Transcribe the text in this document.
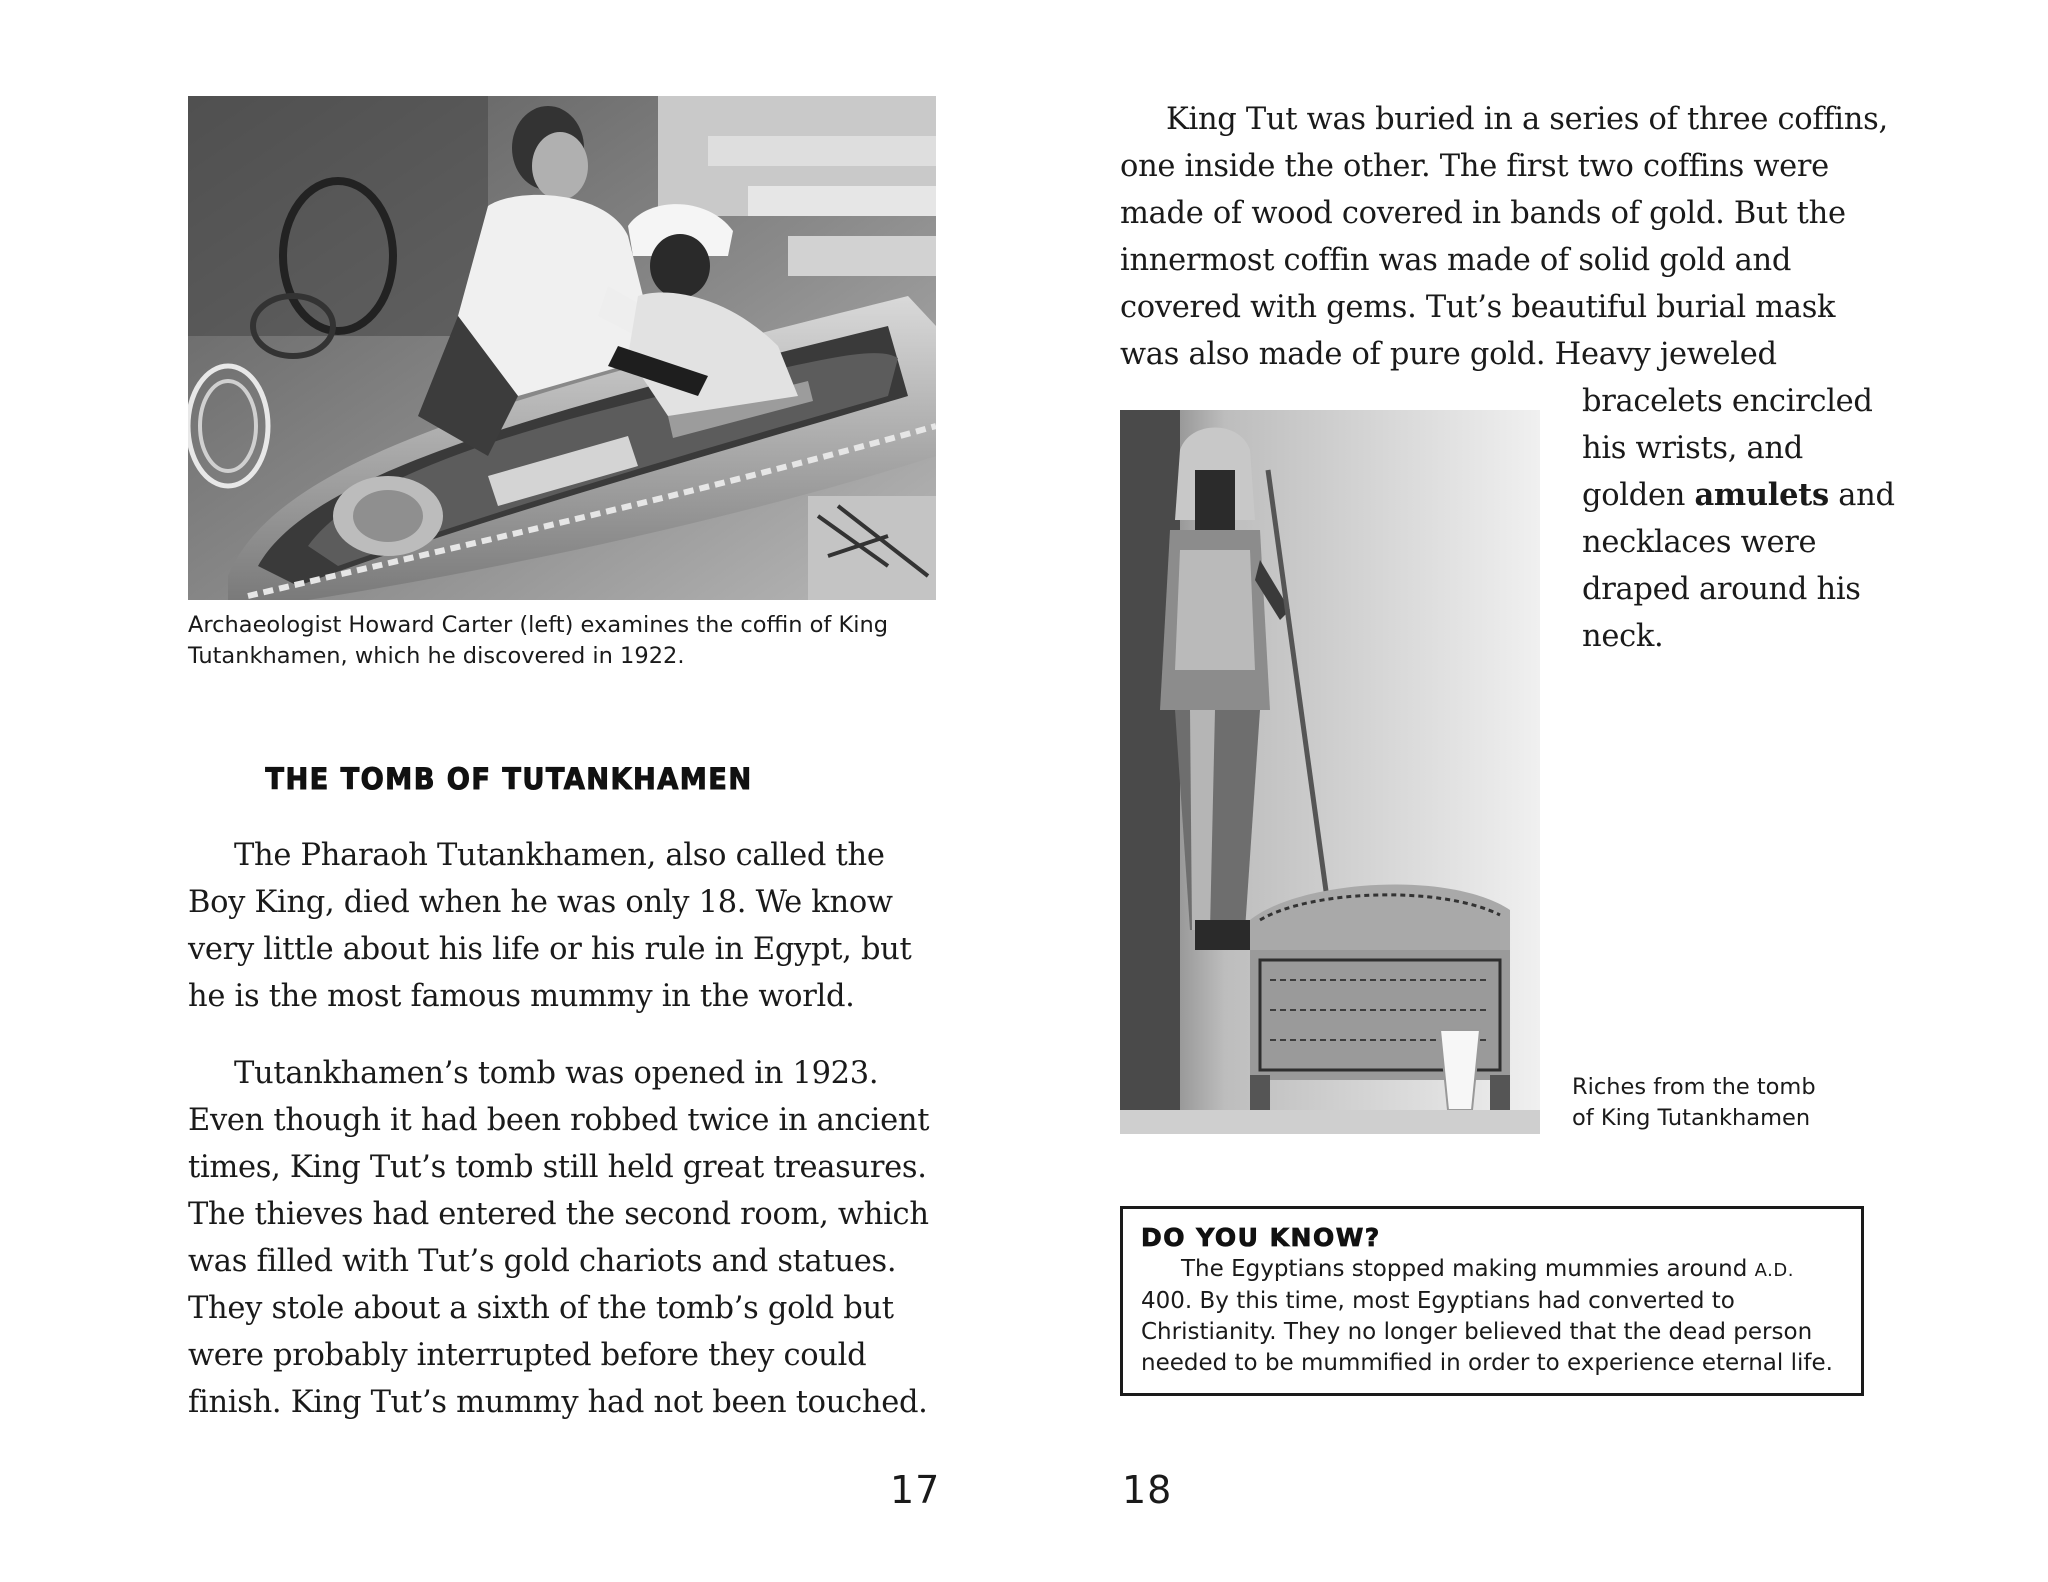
Archaeologist Howard Carter (left) examines the coffin of King Tutankhamen, which he discovered in 1922.

THE TOMB OF TUTANKHAMEN

The Pharaoh Tutankhamen, also called the Boy King, died when he was only 18. We know very little about his life or his rule in Egypt, but he is the most famous mummy in the world.

Tutankhamen’s tomb was opened in 1923. Even though it had been robbed twice in ancient times, King Tut’s tomb still held great treasures. The thieves had entered the second room, which was filled with Tut’s gold chariots and statues. They stole about a sixth of the tomb’s gold but were probably interrupted before they could finish. King Tut’s mummy had not been touched.

17

King Tut was buried in a series of three coffins, one inside the other. The first two coffins were made of wood covered in bands of gold. But the innermost coffin was made of solid gold and covered with gems. Tut’s beautiful burial mask was also made of pure gold. Heavy jeweled

bracelets encircled his wrists, and golden amulets and necklaces were draped around his neck.

Riches from the tomb
of King Tutankhamen

DO YOU KNOW?

The Egyptians stopped making mummies around A.D. 400. By this time, most Egyptians had converted to Christianity. They no longer believed that the dead person needed to be mummified in order to experience eternal life.

18
